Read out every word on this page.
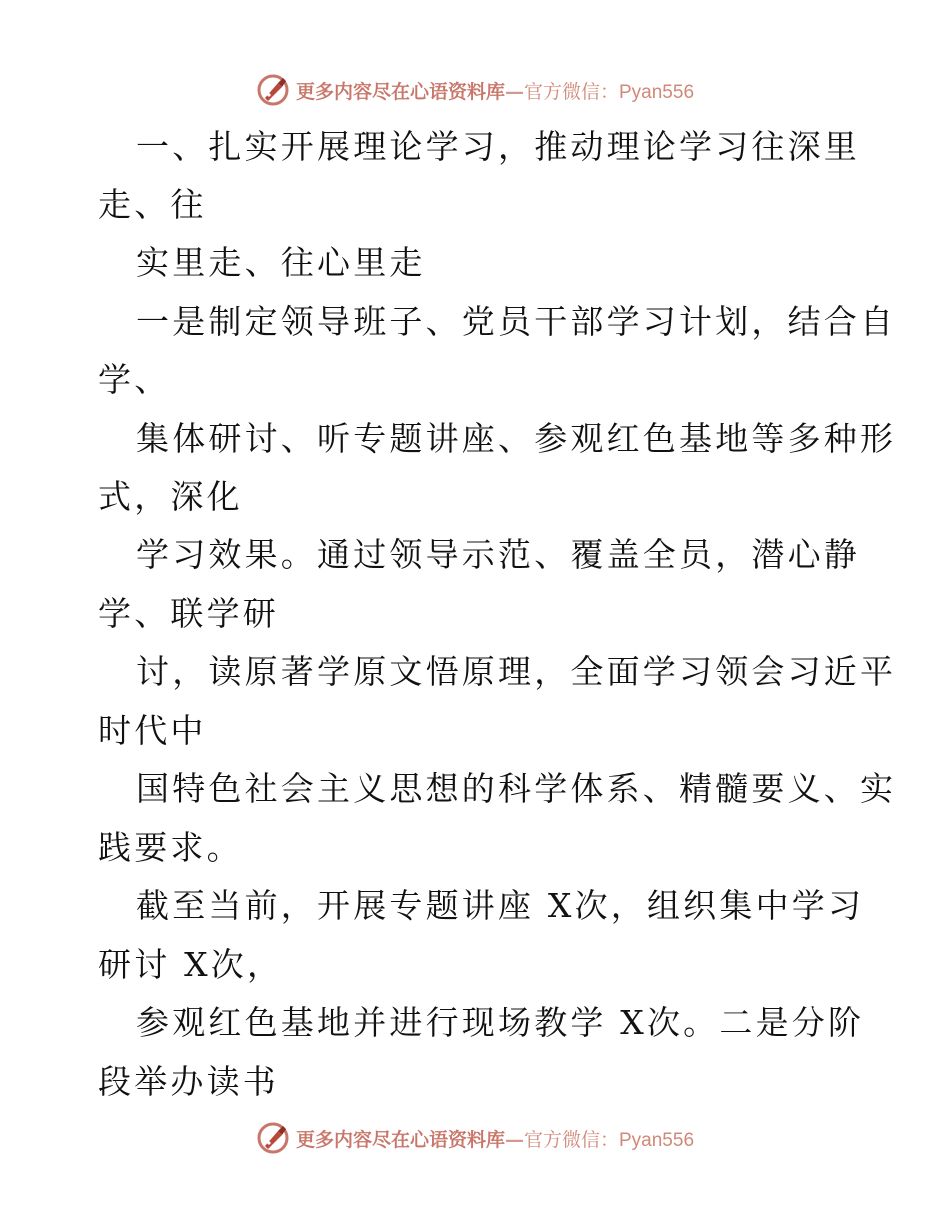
更多内容尽在心语资料库—官方微信：Pyan556
一、扎实开展理论学习，推动理论学习往深里
走、往
实里走、往心里走
一是制定领导班子、党员干部学习计划，结合自
学、
集体研讨、听专题讲座、参观红色基地等多种形
式，深化
学习效果。通过领导示范、覆盖全员，潜心静
学、联学研
讨，读原著学原文悟原理，全面学习领会习近平
时代中
国特色社会主义思想的科学体系、精髓要义、实
践要求。
截至当前，开展专题讲座 X次，组织集中学习
研讨 X次，
参观红色基地并进行现场教学 X次。二是分阶
段举办读书
更多内容尽在心语资料库—官方微信：Pyan556
